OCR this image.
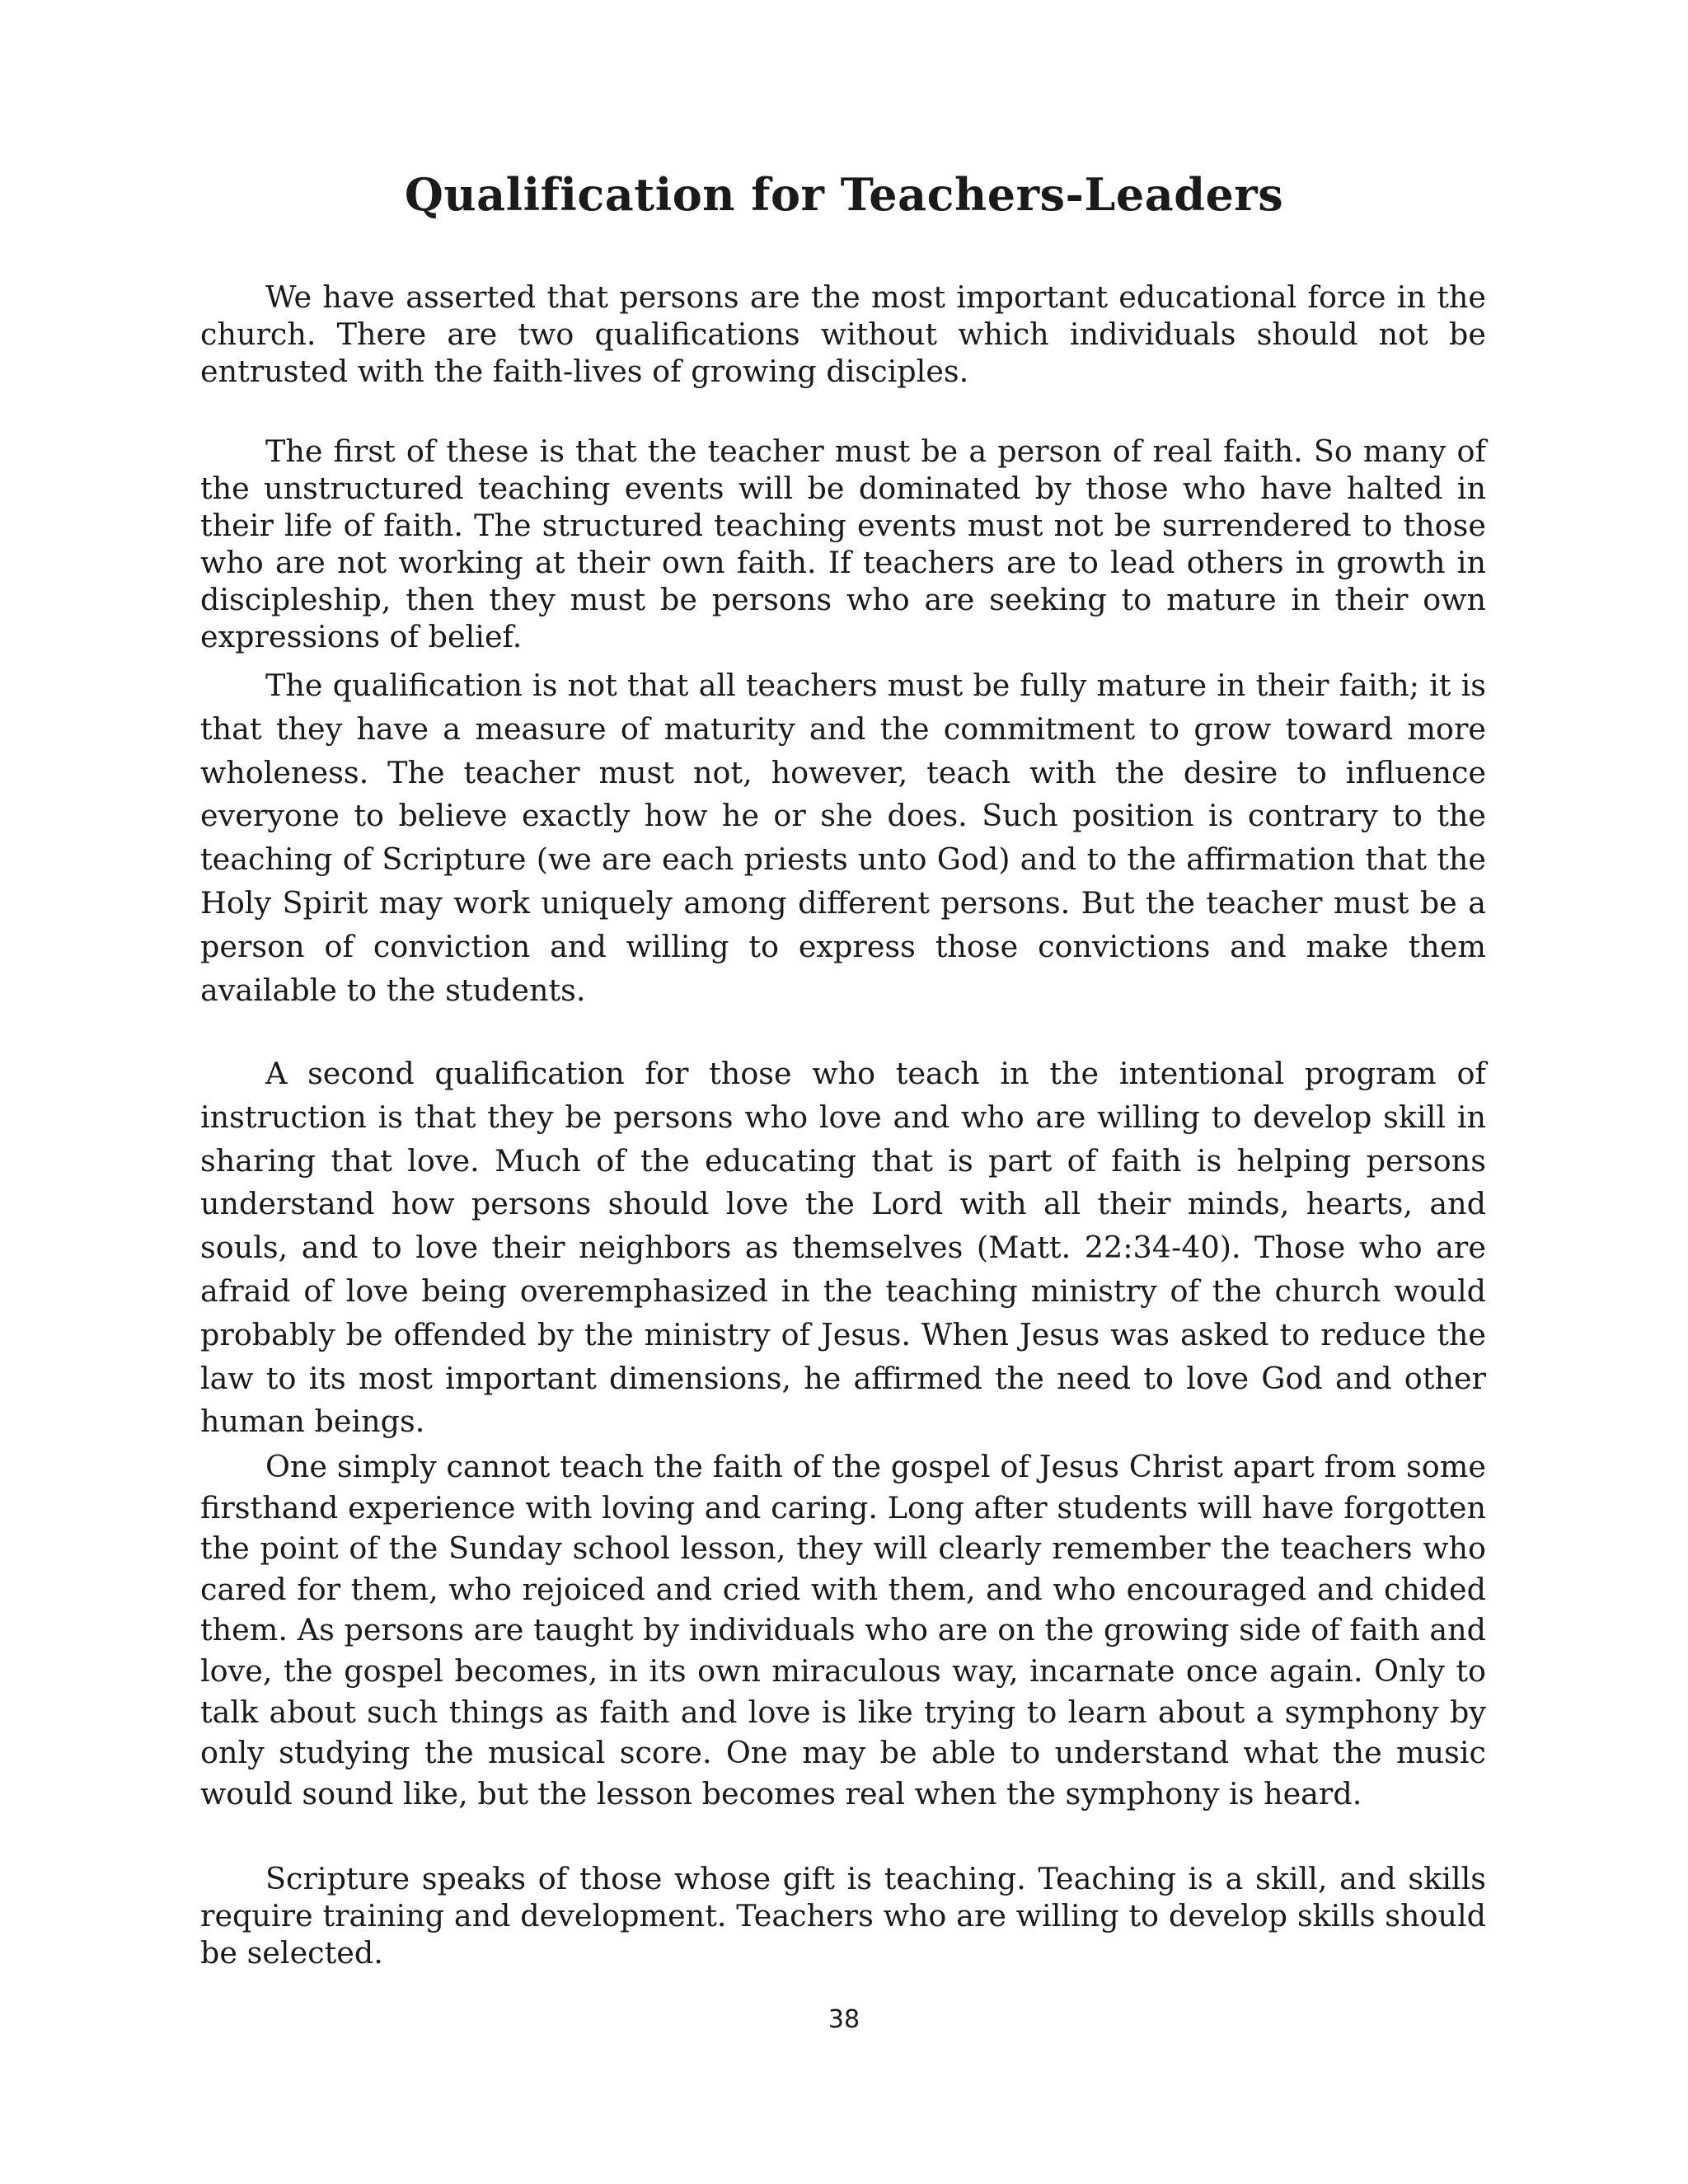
Qualification for Teachers-Leaders

We have asserted that persons are the most important educational force in the church. There are two qualifications without which individuals should not be entrusted with the faith-lives of growing disciples.

The first of these is that the teacher must be a person of real faith. So many of the unstructured teaching events will be dominated by those who have halted in their life of faith. The structured teaching events must not be surrendered to those who are not working at their own faith. If teachers are to lead others in growth in discipleship, then they must be persons who are seeking to mature in their own expressions of belief.

The qualification is not that all teachers must be fully mature in their faith; it is that they have a measure of maturity and the commitment to grow toward more wholeness. The teacher must not, however, teach with the desire to influence everyone to believe exactly how he or she does. Such position is contrary to the teaching of Scripture (we are each priests unto God) and to the affirmation that the Holy Spirit may work uniquely among different persons. But the teacher must be a person of conviction and willing to express those convictions and make them available to the students.

A second qualification for those who teach in the intentional program of instruction is that they be persons who love and who are willing to develop skill in sharing that love. Much of the educating that is part of faith is helping persons understand how persons should love the Lord with all their minds, hearts, and souls, and to love their neighbors as themselves (Matt. 22:34-40). Those who are afraid of love being overemphasized in the teaching ministry of the church would probably be offended by the ministry of Jesus. When Jesus was asked to reduce the law to its most important dimensions, he affirmed the need to love God and other human beings.

One simply cannot teach the faith of the gospel of Jesus Christ apart from some firsthand experience with loving and caring. Long after students will have forgotten the point of the Sunday school lesson, they will clearly remember the teachers who cared for them, who rejoiced and cried with them, and who encouraged and chided them. As persons are taught by individuals who are on the growing side of faith and love, the gospel becomes, in its own miraculous way, incarnate once again. Only to talk about such things as faith and love is like trying to learn about a symphony by only studying the musical score. One may be able to understand what the music would sound like, but the lesson becomes real when the symphony is heard.

Scripture speaks of those whose gift is teaching. Teaching is a skill, and skills require training and development. Teachers who are willing to develop skills should be selected.

38
